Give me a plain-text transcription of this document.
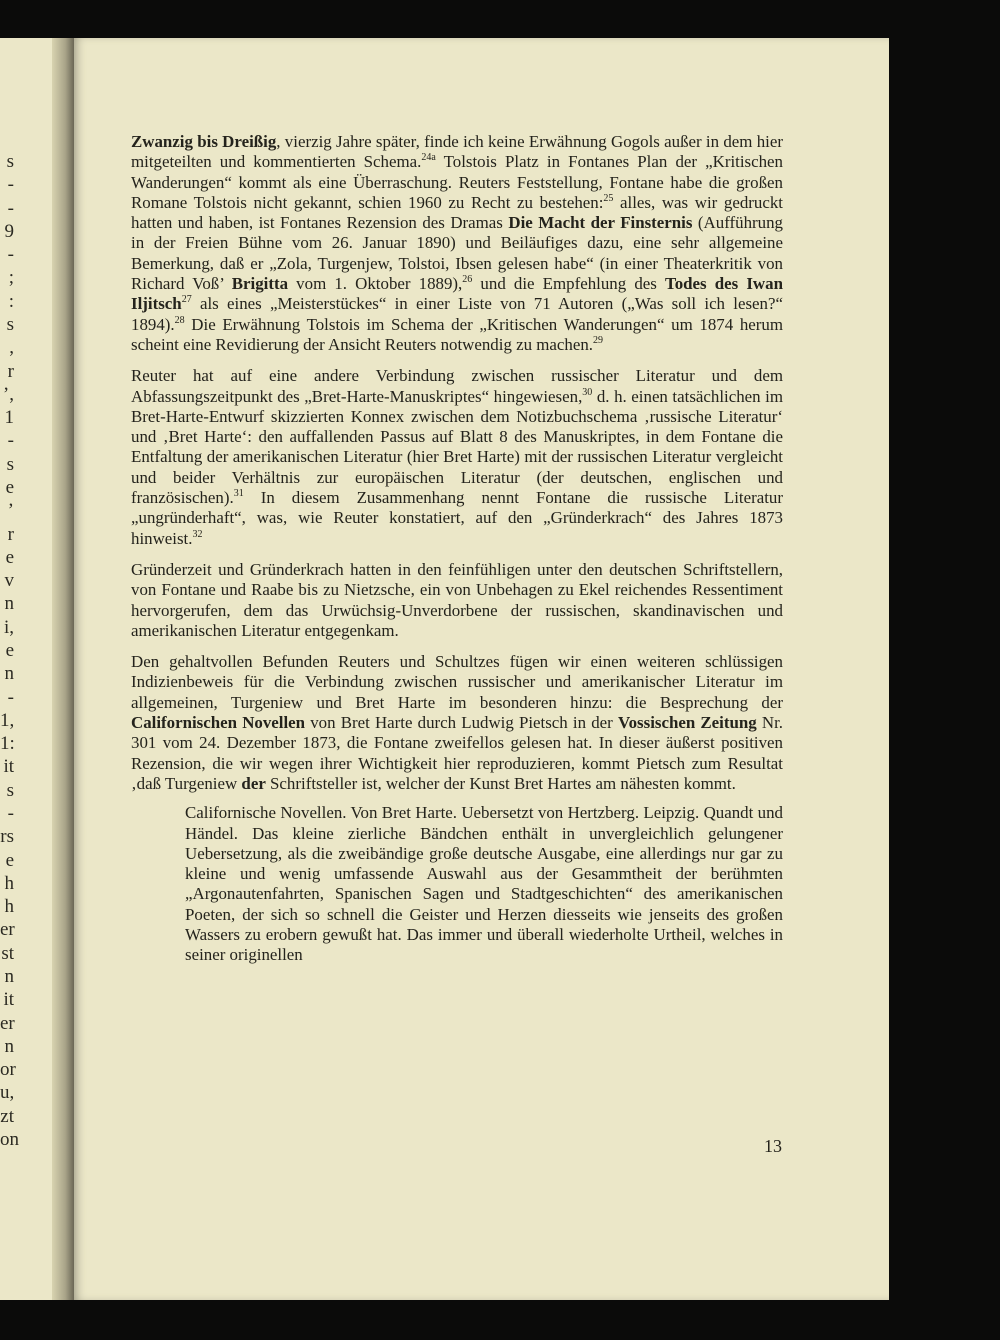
s
-
-
9
-
;
:
s
,
r
’,
1
-
s
e
’
r
e
v
n
i,
e
n
-
1,
1:
it
s
-
rs
e
h
h
er
st
n
it
er
n
or
u,
zt
on

Zwanzig bis Dreißig, vierzig Jahre später, finde ich keine Erwähnung Gogols außer in dem hier mitgeteilten und kommentierten Schema.$^{24a}$ Tolstois Platz in Fontanes Plan der „Kritischen Wanderungen“ kommt als eine Überraschung. Reuters Feststellung, Fontane habe die großen Romane Tolstois nicht gekannt, schien 1960 zu Recht zu bestehen:$^{25}$ alles, was wir gedruckt hatten und haben, ist Fontanes Rezension des Dramas Die Macht der Finsternis (Aufführung in der Freien Bühne vom 26. Januar 1890) und Beiläufiges dazu, eine sehr allgemeine Bemerkung, daß er „Zola, Turgenjew, Tolstoi, Ibsen gelesen habe“ (in einer Theaterkritik von Richard Voß’ Brigitta vom 1. Oktober 1889),$^{26}$ und die Empfehlung des Todes des Iwan Iljitsch$^{27}$ als eines „Meisterstückes“ in einer Liste von 71 Autoren („Was soll ich lesen?“ 1894).$^{28}$ Die Erwähnung Tolstois im Schema der „Kritischen Wanderungen“ um 1874 herum scheint eine Revidierung der Ansicht Reuters notwendig zu machen.$^{29}$

Reuter hat auf eine andere Verbindung zwischen russischer Literatur und dem Abfassungszeitpunkt des „Bret-Harte-Manuskriptes“ hingewiesen,$^{30}$ d. h. einen tatsächlichen im Bret-Harte-Entwurf skizzierten Konnex zwischen dem Notizbuchschema ‚russische Literatur‘ und ‚Bret Harte‘: den auffallenden Passus auf Blatt 8 des Manuskriptes, in dem Fontane die Entfaltung der amerikanischen Literatur (hier Bret Harte) mit der russischen Literatur vergleicht und beider Verhältnis zur europäischen Literatur (der deutschen, englischen und französischen).$^{31}$ In diesem Zusammenhang nennt Fontane die russische Literatur „ungründerhaft“, was, wie Reuter konstatiert, auf den „Gründerkrach“ des Jahres 1873 hinweist.$^{32}$

Gründerzeit und Gründerkrach hatten in den feinfühligen unter den deutschen Schriftstellern, von Fontane und Raabe bis zu Nietzsche, ein von Unbehagen zu Ekel reichendes Ressentiment hervorgerufen, dem das Urwüchsig-Unverdorbene der russischen, skandinavischen und amerikanischen Literatur entgegenkam.

Den gehaltvollen Befunden Reuters und Schultzes fügen wir einen weiteren schlüssigen Indizienbeweis für die Verbindung zwischen russischer und amerikanischer Literatur im allgemeinen, Turgeniew und Bret Harte im besonderen hinzu: die Besprechung der Californischen Novellen von Bret Harte durch Ludwig Pietsch in der Vossischen Zeitung Nr. 301 vom 24. Dezember 1873, die Fontane zweifellos gelesen hat. In dieser äußerst positiven Rezension, die wir wegen ihrer Wichtigkeit hier reproduzieren, kommt Pietsch zum Resultat ‚daß Turgeniew der Schriftsteller ist, welcher der Kunst Bret Hartes am nähesten kommt.

Californische Novellen. Von Bret Harte. Uebersetzt von Hertzberg. Leipzig. Quandt und Händel. Das kleine zierliche Bändchen enthält in unvergleichlich gelungener Uebersetzung, als die zweibändige große deutsche Ausgabe, eine allerdings nur gar zu kleine und wenig umfassende Auswahl aus der Gesammtheit der berühmten „Argonautenfahrten, Spanischen Sagen und Stadtgeschichten“ des amerikanischen Poeten, der sich so schnell die Geister und Herzen diesseits wie jenseits des großen Wassers zu erobern gewußt hat. Das immer und überall wiederholte Urtheil, welches in seiner originellen
13
